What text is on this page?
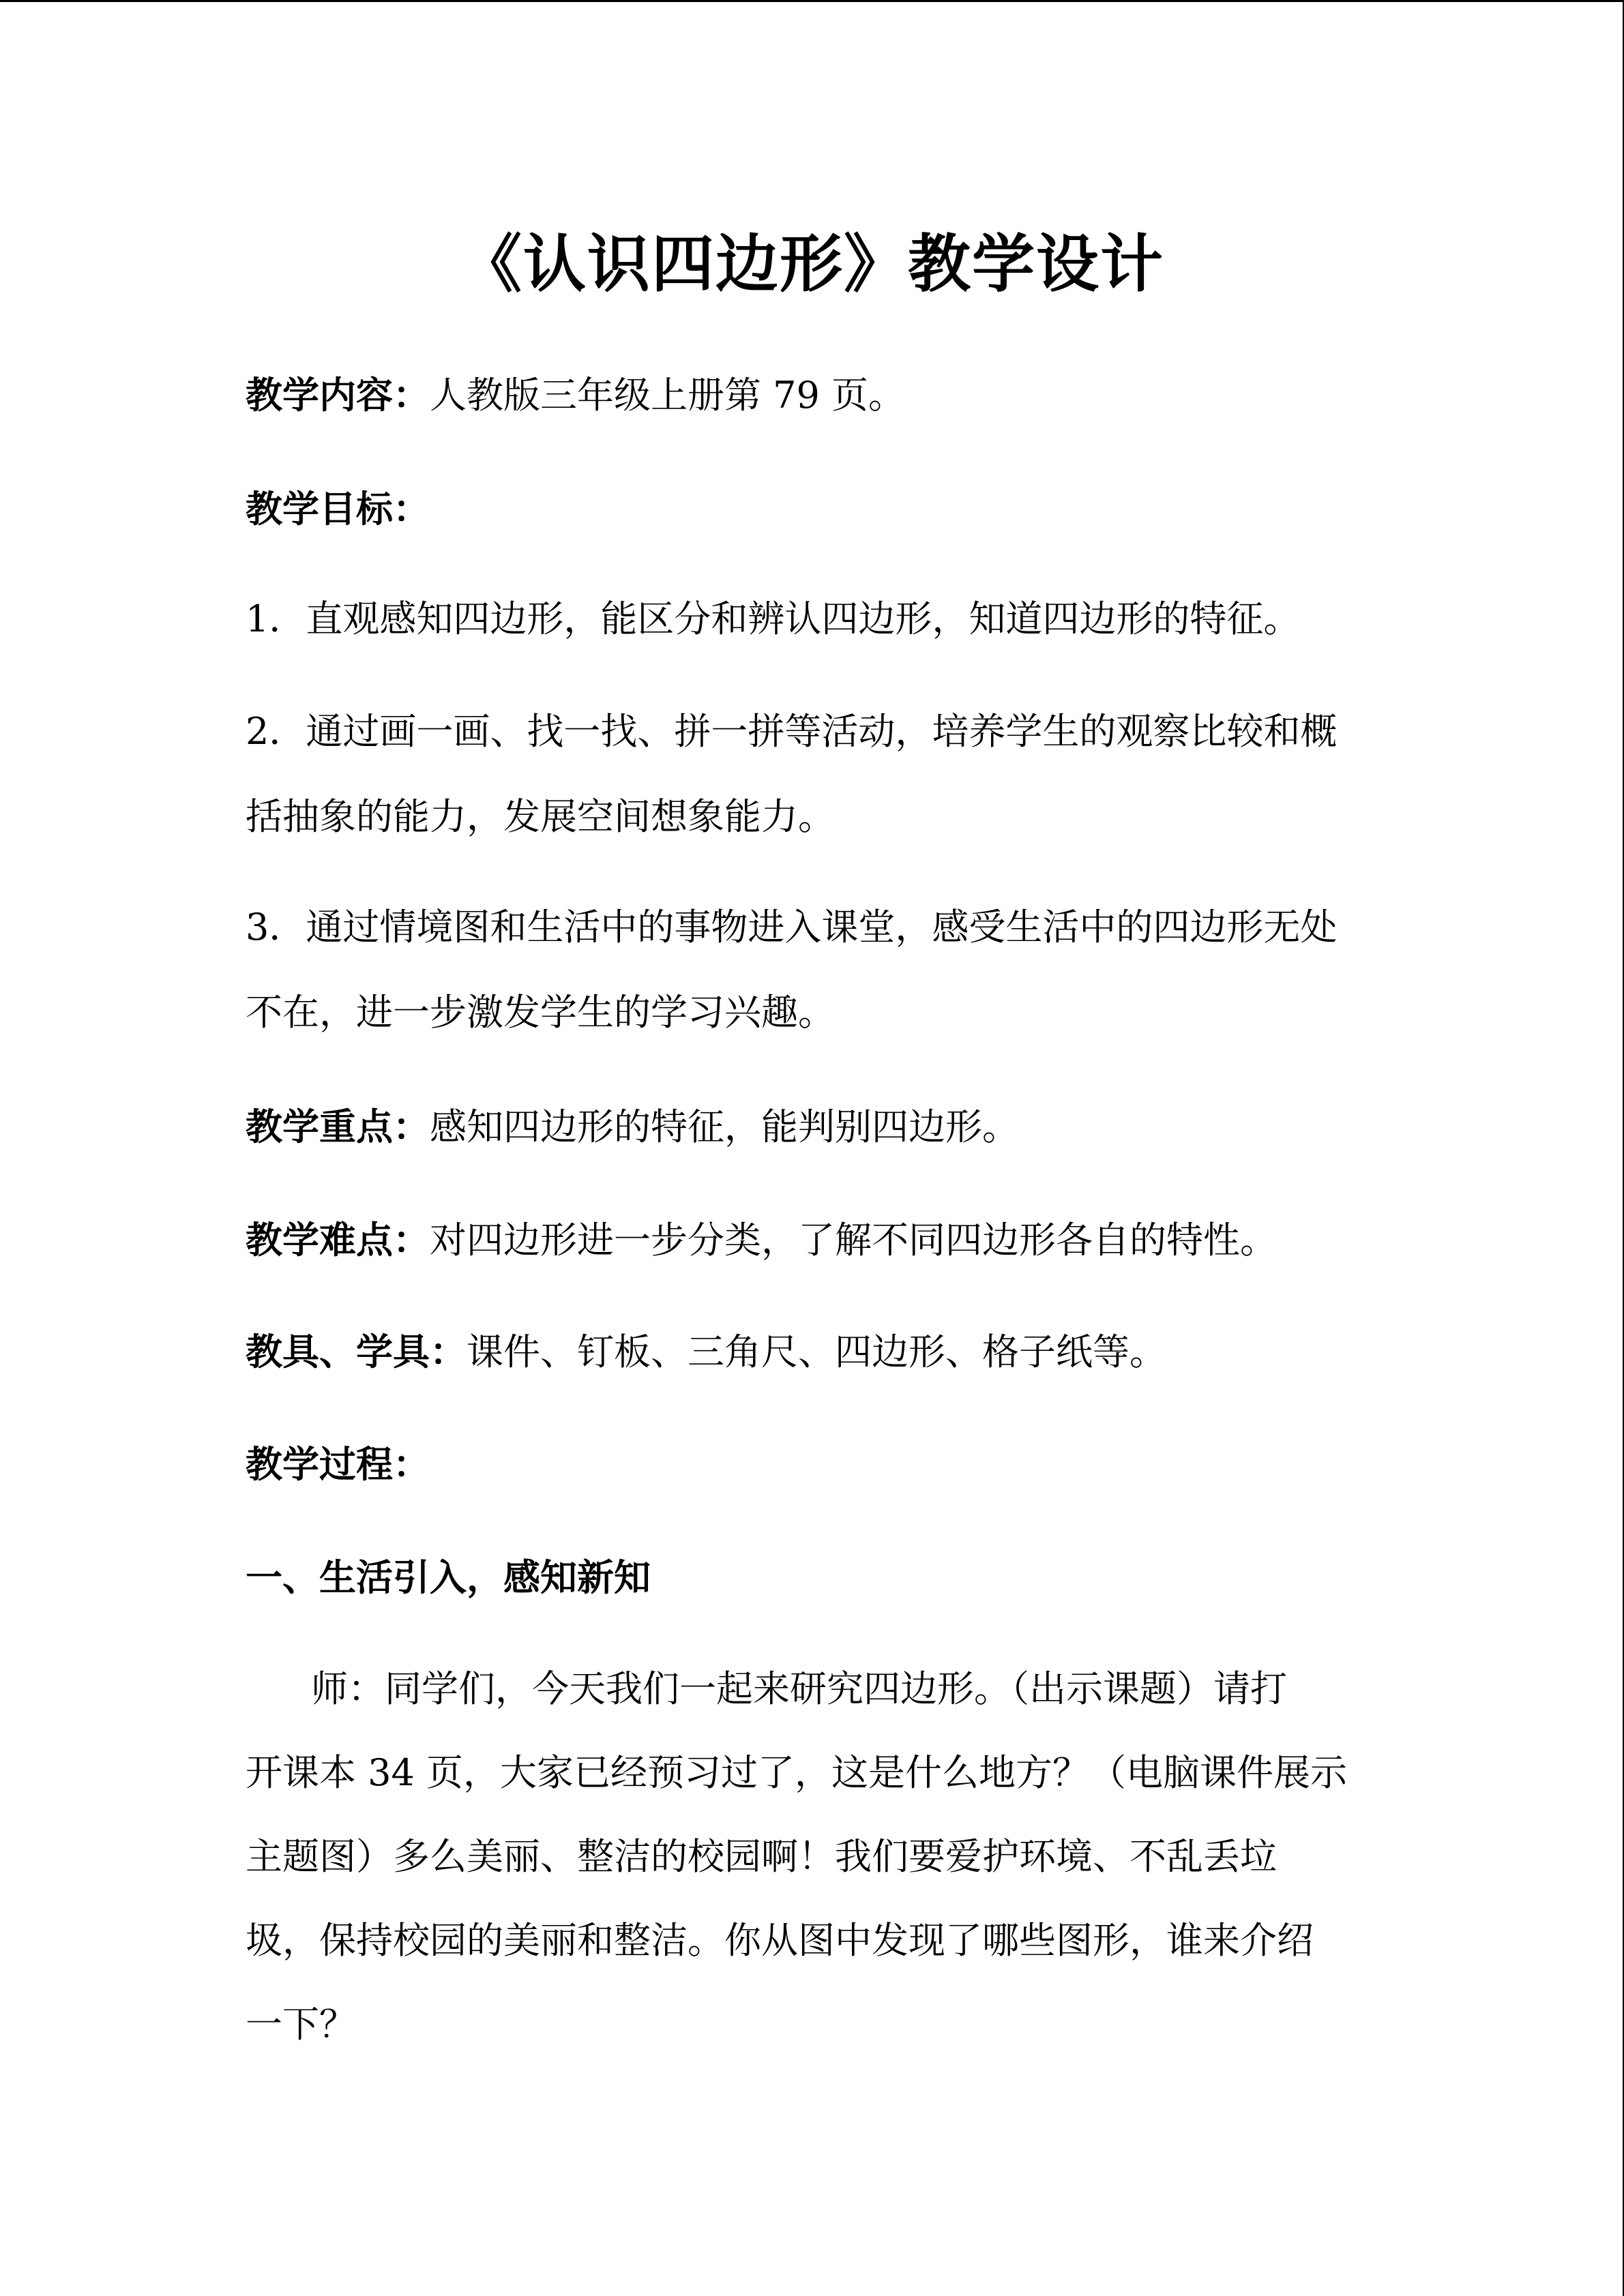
《认识四边形》教学设计
教学内容：人教版三年级上册第 79 页。
教学目标：
1．直观感知四边形，能区分和辨认四边形，知道四边形的特征。
2．通过画一画、找一找、拼一拼等活动，培养学生的观察比较和概
括抽象的能力，发展空间想象能力。
3．通过情境图和生活中的事物进入课堂，感受生活中的四边形无处
不在，进一步激发学生的学习兴趣。
教学重点：感知四边形的特征，能判别四边形。
教学难点：对四边形进一步分类，了解不同四边形各自的特性。
教具、学具：课件、钉板、三角尺、四边形、格子纸等。
教学过程：
一、生活引入，感知新知
师：同学们，今天我们一起来研究四边形。（出示课题）请打
开课本 34 页，大家已经预习过了，这是什么地方？（电脑课件展示
主题图）多么美丽、整洁的校园啊！我们要爱护环境、不乱丢垃
圾，保持校园的美丽和整洁。你从图中发现了哪些图形，谁来介绍
一下？
